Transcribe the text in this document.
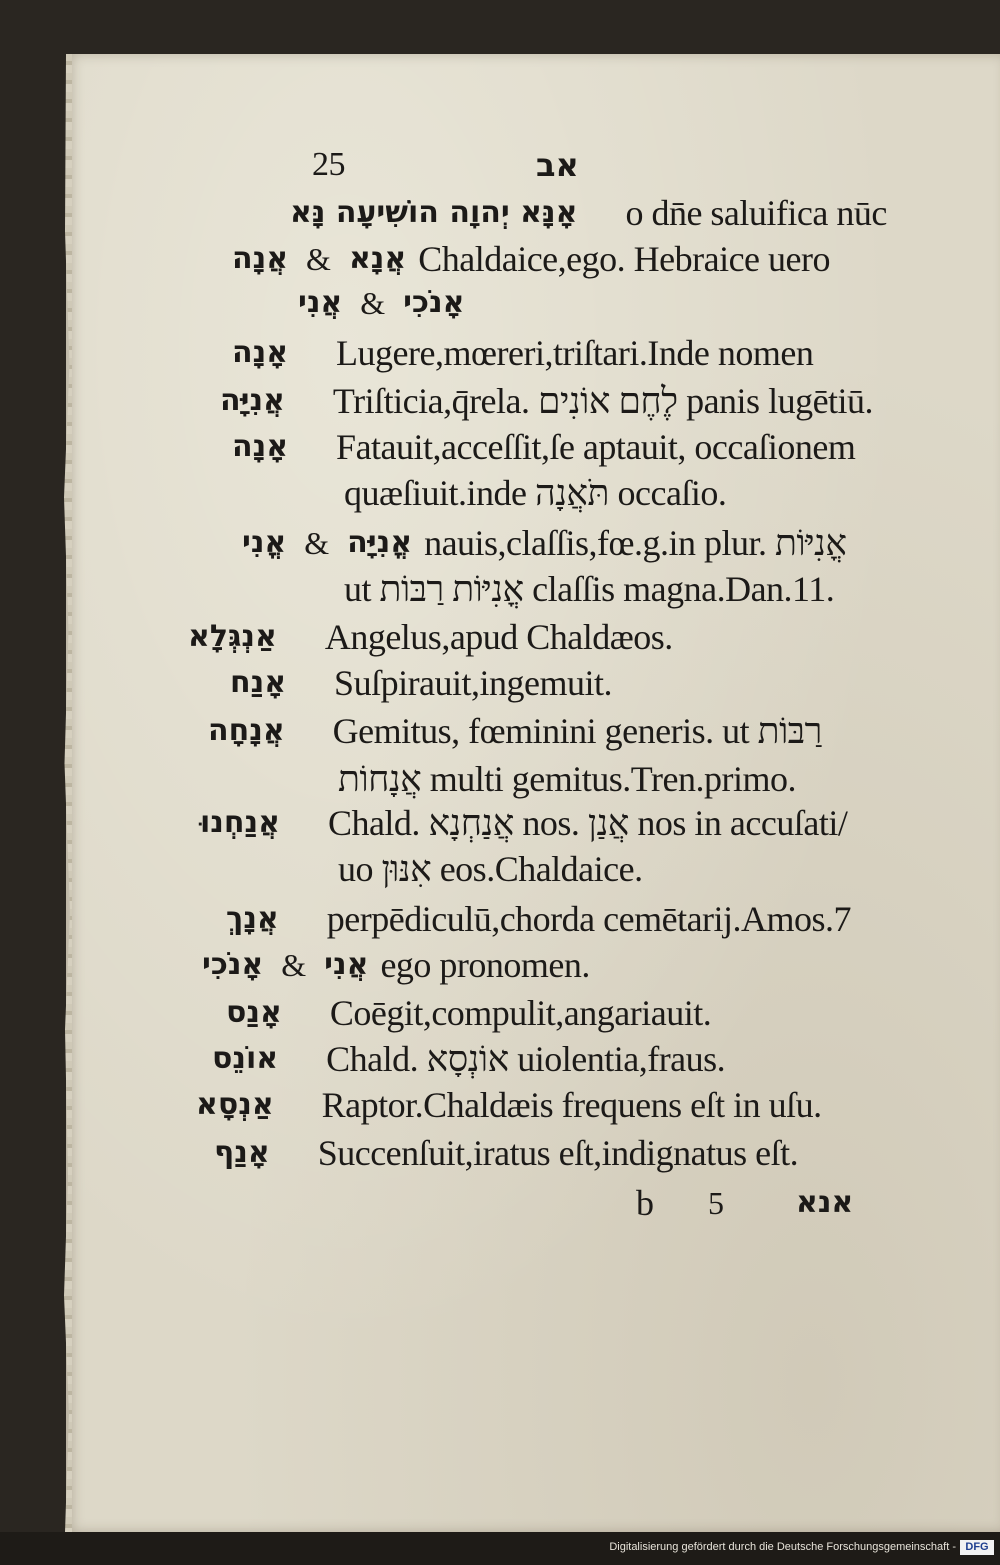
25	אב
אָנָּא יְהוָה הוֹשִׁיעָה נָּא o dn̄e saluifica nūc
אֲנָה & אֲנָא Chaldaice,ego. Hebraice uero
אֲנִי & אָנֹכִי
אָנָה Lugere,mœreri,triſtari.Inde nomen
אֲנִיָּה Triſticia,q̄rela. לֶחֶם אוֹנִים panis lugētiū.
אָנָה Fatauit,acceſſit,ſe aptauit, occaſionem
quæſiuit.inde תֹּאֲנָה occaſio.
אֳנִי & אֳנִיָּה nauis,claſſis,fœ.g.in plur. אֳנִיּוֹת
ut אֳנִיּוֹת רַבּוֹת claſſis magna.Dan.11.
אַנְגְּלָא Angelus,apud Chaldæos.
אָנַח Suſpirauit,ingemuit.
אֲנָחָה Gemitus, fœminini generis. ut רַבּוֹת
אֲנָחוֹת multi gemitus.Tren.primo.
אֲנַחְנוּ Chald. אֲנַחְנָא nos. אֲנַן nos in accuſati/
uo אִנּוּן eos.Chaldaice.
אֲנָךְ perpēdiculū,chorda cemētarij.Amos.7
אָנֹכִי & אֲנִי ego pronomen.
אָנַס Coēgit,compulit,angariauit.
אוֹנֵס Chald. אוֹנְסָא uiolentia,fraus.
אַנְסָא Raptor.Chaldæis frequens eſt in uſu.
אָנַף Succenſuit,iratus eſt,indignatus eſt.
b 5 אנא
Digitalisierung gefördert durch die Deutsche Forschungsgemeinschaft - DFG
